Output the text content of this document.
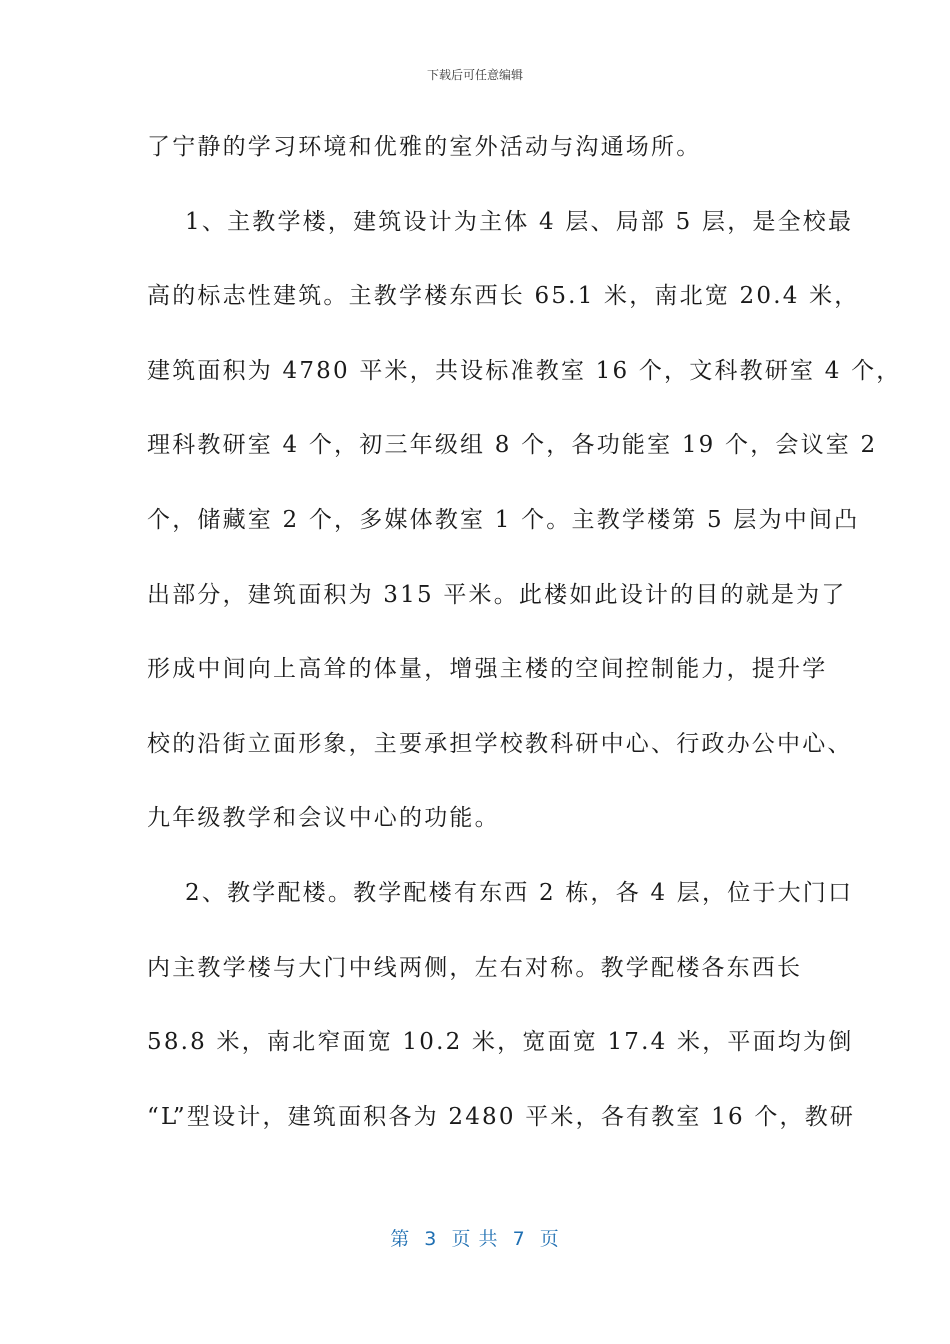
下载后可任意编辑
了宁静的学习环境和优雅的室外活动与沟通场所。
1、主教学楼，建筑设计为主体 4 层、局部 5 层，是全校最
高的标志性建筑。主教学楼东西长 65.1 米，南北宽 20.4 米，
建筑面积为 4780 平米，共设标准教室 16 个，文科教研室 4 个，
理科教研室 4 个，初三年级组 8 个，各功能室 19 个，会议室 2
个，储藏室 2 个，多媒体教室 1 个。主教学楼第 5 层为中间凸
出部分，建筑面积为 315 平米。此楼如此设计的目的就是为了
形成中间向上高耸的体量，增强主楼的空间控制能力，提升学
校的沿街立面形象，主要承担学校教科研中心、行政办公中心、
九年级教学和会议中心的功能。
2、教学配楼。教学配楼有东西 2 栋，各 4 层，位于大门口
内主教学楼与大门中线两侧，左右对称。教学配楼各东西长
58.8 米，南北窄面宽 10.2 米，宽面宽 17.4 米，平面均为倒
“L”型设计，建筑面积各为 2480 平米，各有教室 16 个，教研
第  3  页 共  7  页
